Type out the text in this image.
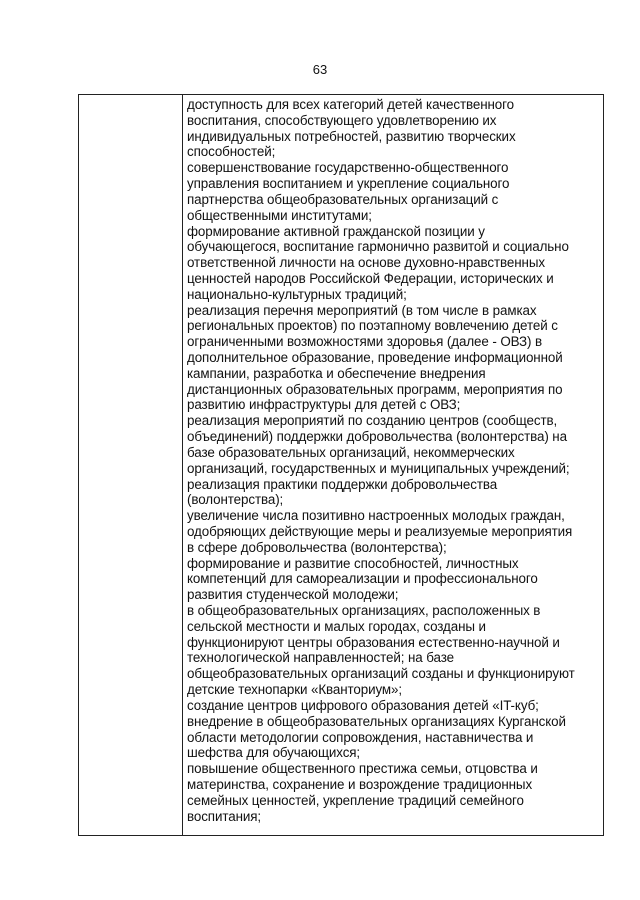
63
доступность для всех категорий детей качественного
воспитания, способствующего удовлетворению их
индивидуальных потребностей, развитию творческих
способностей;
совершенствование государственно-общественного
управления воспитанием и укрепление социального
партнерства общеобразовательных организаций с
общественными институтами;
формирование активной гражданской позиции у
обучающегося, воспитание гармонично развитой и социально
ответственной личности на основе духовно-нравственных
ценностей народов Российской Федерации, исторических и
национально-культурных традиций;
реализация перечня мероприятий (в том числе в рамках
региональных проектов) по поэтапному вовлечению детей с
ограниченными возможностями здоровья (далее - ОВЗ) в
дополнительное образование, проведение информационной
кампании, разработка и обеспечение внедрения
дистанционных образовательных программ, мероприятия по
развитию инфраструктуры для детей с ОВЗ;
реализация мероприятий по созданию центров (сообществ,
объединений) поддержки добровольчества (волонтерства) на
базе образовательных организаций, некоммерческих
организаций, государственных и муниципальных учреждений;
реализация практики поддержки добровольчества
(волонтерства);
увеличение числа позитивно настроенных молодых граждан,
одобряющих действующие меры и реализуемые мероприятия
в сфере добровольчества (волонтерства);
формирование и развитие способностей, личностных
компетенций для самореализации и профессионального
развития студенческой молодежи;
в общеобразовательных организациях, расположенных в
сельской местности и малых городах, созданы и
функционируют центры образования естественно-научной и
технологической направленностей; на базе
общеобразовательных организаций созданы и функционируют
детские технопарки «Кванториум»;
создание центров цифрового образования детей «IT-куб;
внедрение в общеобразовательных организациях Курганской
области методологии сопровождения, наставничества и
шефства для обучающихся;
повышение общественного престижа семьи, отцовства и
материнства, сохранение и возрождение традиционных
семейных ценностей, укрепление традиций семейного
воспитания;
